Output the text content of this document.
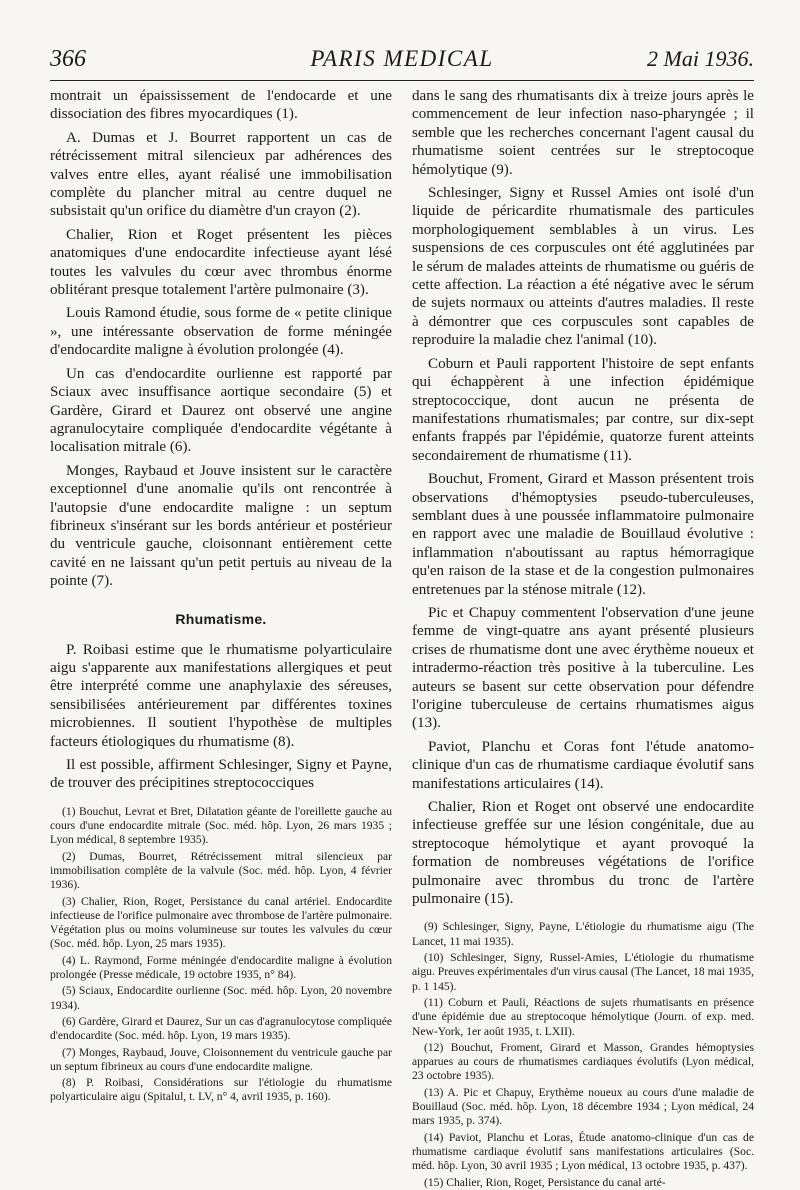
366	PARIS MEDICAL	2 Mai 1936.

montrait un épaississement de l'endocarde et une dissociation des fibres myocardiques (1).

A. Dumas et J. Bourret rapportent un cas de rétrécissement mitral silencieux par adhérences des valves entre elles, ayant réalisé une immobilisation complète du plancher mitral au centre duquel ne subsistait qu'un orifice du diamètre d'un crayon (2).

Chalier, Rion et Roget présentent les pièces anatomiques d'une endocardite infectieuse ayant lésé toutes les valvules du cœur avec thrombus énorme oblitérant presque totalement l'artère pulmonaire (3).

Louis Ramond étudie, sous forme de « petite clinique », une intéressante observation de forme méningée d'endocardite maligne à évolution prolongée (4).

Un cas d'endocardite ourlienne est rapporté par Sciaux avec insuffisance aortique secondaire (5) et Gardère, Girard et Daurez ont observé une angine agranulocytaire compliquée d'endocardite végétante à localisation mitrale (6).

Monges, Raybaud et Jouve insistent sur le caractère exceptionnel d'une anomalie qu'ils ont rencontrée à l'autopsie d'une endocardite maligne : un septum fibrineux s'insérant sur les bords antérieur et postérieur du ventricule gauche, cloisonnant entièrement cette cavité en ne laissant qu'un petit pertuis au niveau de la pointe (7).

Rhumatisme.

P. Roibasi estime que le rhumatisme polyarticulaire aigu s'apparente aux manifestations allergiques et peut être interprété comme une anaphylaxie des séreuses, sensibilisées antérieurement par différentes toxines microbiennes. Il soutient l'hypothèse de multiples facteurs étiologiques du rhumatisme (8).

Il est possible, affirment Schlesinger, Signy et Payne, de trouver des précipitines streptococciques

(1) Bouchut, Levrat et Bret, Dilatation géante de l'oreillette gauche au cours d'une endocardite mitrale (Soc. méd. hôp. Lyon, 26 mars 1935 ; Lyon médical, 8 septembre 1935).

(2) Dumas, Bourret, Rétrécissement mitral silencieux par immobilisation complète de la valvule (Soc. méd. hôp. Lyon, 4 février 1936).

(3) Chalier, Rion, Roget, Persistance du canal artériel. Endocardite infectieuse de l'orifice pulmonaire avec thrombose de l'artère pulmonaire. Végétation plus ou moins volumineuse sur toutes les valvules du cœur (Soc. méd. hôp. Lyon, 25 mars 1935).

(4) L. Raymond, Forme méningée d'endocardite maligne à évolution prolongée (Presse médicale, 19 octobre 1935, n° 84).

(5) Sciaux, Endocardite ourlienne (Soc. méd. hôp. Lyon, 20 novembre 1934).

(6) Gardère, Girard et Daurez, Sur un cas d'agranulocytose compliquée d'endocardite (Soc. méd. hôp. Lyon, 19 mars 1935).

(7) Monges, Raybaud, Jouve, Cloisonnement du ventricule gauche par un septum fibrineux au cours d'une endocardite maligne.

(8) P. Roibasi, Considérations sur l'étiologie du rhumatisme polyarticulaire aigu (Spitalul, t. LV, n° 4, avril 1935, p. 160).

dans le sang des rhumatisants dix à treize jours après le commencement de leur infection naso-pharyngée ; il semble que les recherches concernant l'agent causal du rhumatisme soient centrées sur le streptocoque hémolytique (9).

Schlesinger, Signy et Russel Amies ont isolé d'un liquide de péricardite rhumatismale des particules morphologiquement semblables à un virus. Les suspensions de ces corpuscules ont été agglutinées par le sérum de malades atteints de rhumatisme ou guéris de cette affection. La réaction a été négative avec le sérum de sujets normaux ou atteints d'autres maladies. Il reste à démontrer que ces corpuscules sont capables de reproduire la maladie chez l'animal (10).

Coburn et Pauli rapportent l'histoire de sept enfants qui échappèrent à une infection épidémique streptococcique, dont aucun ne présenta de manifestations rhumatismales; par contre, sur dix-sept enfants frappés par l'épidémie, quatorze furent atteints secondairement de rhumatisme (11).

Bouchut, Froment, Girard et Masson présentent trois observations d'hémoptysies pseudo-tuberculeuses, semblant dues à une poussée inflammatoire pulmonaire en rapport avec une maladie de Bouillaud évolutive : inflammation n'aboutissant au raptus hémorragique qu'en raison de la stase et de la congestion pulmonaires entretenues par la sténose mitrale (12).

Pic et Chapuy commentent l'observation d'une jeune femme de vingt-quatre ans ayant présenté plusieurs crises de rhumatisme dont une avec érythème noueux et intradermo-réaction très positive à la tuberculine. Les auteurs se basent sur cette observation pour défendre l'origine tuberculeuse de certains rhumatismes aigus (13).

Paviot, Planchu et Coras font l'étude anatomo-clinique d'un cas de rhumatisme cardiaque évolutif sans manifestations articulaires (14).

Chalier, Rion et Roget ont observé une endocardite infectieuse greffée sur une lésion congénitale, due au streptocoque hémolytique et ayant provoqué la formation de nombreuses végétations de l'orifice pulmonaire avec thrombus du tronc de l'artère pulmonaire (15).

(9) Schlesinger, Signy, Payne, L'étiologie du rhumatisme aigu (The Lancet, 11 mai 1935).

(10) Schlesinger, Signy, Russel-Amies, L'étiologie du rhumatisme aigu. Preuves expérimentales d'un virus causal (The Lancet, 18 mai 1935, p. 1 145).

(11) Coburn et Pauli, Réactions de sujets rhumatisants en présence d'une épidémie due au streptocoque hémolytique (Journ. of exp. med. New-York, 1er août 1935, t. LXII).

(12) Bouchut, Froment, Girard et Masson, Grandes hémoptysies apparues au cours de rhumatismes cardiaques évolutifs (Lyon médical, 23 octobre 1935).

(13) A. Pic et Chapuy, Erythème noueux au cours d'une maladie de Bouillaud (Soc. méd. hôp. Lyon, 18 décembre 1934 ; Lyon médical, 24 mars 1935, p. 374).

(14) Paviot, Planchu et Loras, Étude anatomo-clinique d'un cas de rhumatisme cardiaque évolutif sans manifestations articulaires (Soc. méd. hôp. Lyon, 30 avril 1935 ; Lyon médical, 13 octobre 1935, p. 437).

(15) Chalier, Rion, Roget, Persistance du canal arté-
